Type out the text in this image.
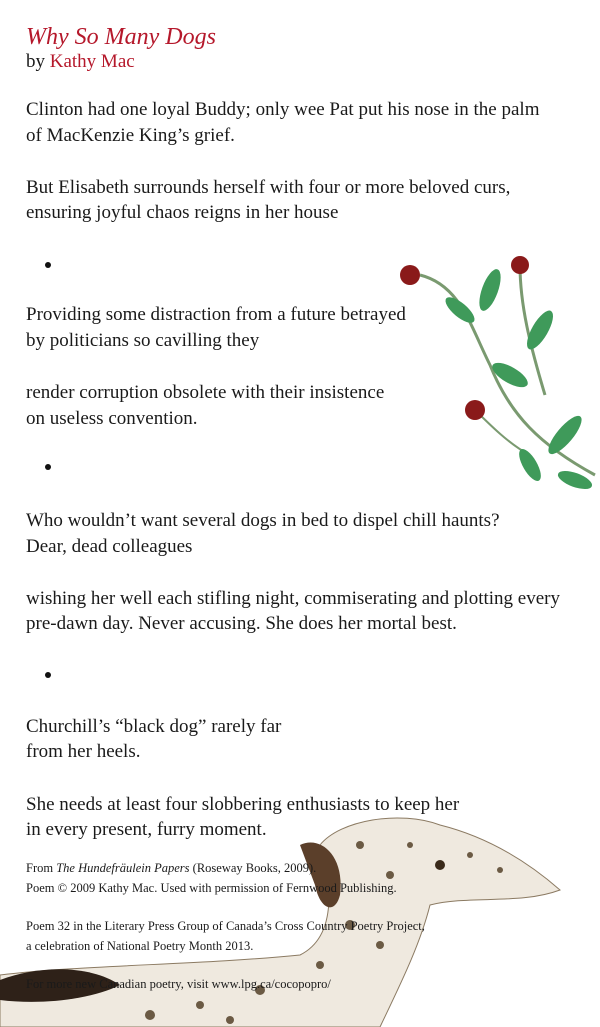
Why So Many Dogs
by Kathy Mac
Clinton had one loyal Buddy; only wee Pat put his nose in the palm
of MacKenzie King’s grief.
But Elisabeth surrounds herself with four or more beloved curs,
ensuring joyful chaos reigns in her house
Providing some distraction from a future betrayed
by politicians so cavilling they
render corruption obsolete with their insistence
on useless convention.
Who wouldn’t want several dogs in bed to dispel chill haunts?
Dear, dead colleagues
wishing her well each stifling night, commiserating and plotting every
pre-dawn day. Never accusing. She does her mortal best.
Churchill’s “black dog” rarely far
from her heels.
She needs at least four slobbering enthusiasts to keep her
in every present, furry moment.
From The Hundefräulein Papers (Roseway Books, 2009).
Poem © 2009 Kathy Mac. Used with permission of Fernwood Publishing.
Poem 32 in the Literary Press Group of Canada’s Cross Country Poetry Project,
a celebration of National Poetry Month 2013.
For more new Canadian poetry, visit www.lpg.ca/cocopopro/
